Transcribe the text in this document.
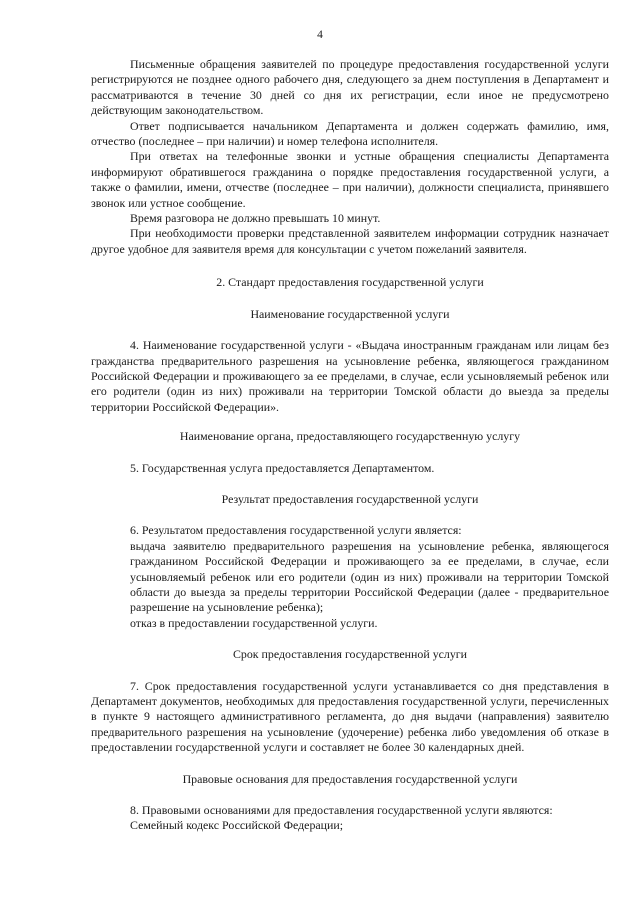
4

Письменные обращения заявителей по процедуре предоставления государственной услуги регистрируются не позднее одного рабочего дня, следующего за днем поступления в Департамент и рассматриваются в течение 30 дней со дня их регистрации, если иное не предусмотрено действующим законодательством.

Ответ подписывается начальником Департамента и должен содержать фамилию, имя, отчество (последнее – при наличии) и номер телефона исполнителя.

При ответах на телефонные звонки и устные обращения специалисты Департамента информируют обратившегося гражданина о порядке предоставления государственной услуги, а также о фамилии, имени, отчестве (последнее – при наличии), должности специалиста, принявшего звонок или устное сообщение.

Время разговора не должно превышать 10 минут.

При необходимости проверки представленной заявителем информации сотрудник назначает другое удобное для заявителя время для консультации с учетом пожеланий заявителя.

2. Стандарт предоставления государственной услуги

Наименование государственной услуги

4. Наименование государственной услуги - «Выдача иностранным гражданам или лицам без гражданства предварительного разрешения на усыновление ребенка, являющегося гражданином Российской Федерации и проживающего за ее пределами, в случае, если усыновляемый ребенок или его родители (один из них) проживали на территории Томской области до выезда за пределы территории Российской Федерации».

Наименование органа, предоставляющего государственную услугу

5. Государственная услуга предоставляется Департаментом.

Результат предоставления государственной услуги

6. Результатом предоставления государственной услуги является:

выдача заявителю предварительного разрешения на усыновление ребенка, являющегося гражданином Российской Федерации и проживающего за ее пределами, в случае, если усыновляемый ребенок или его родители (один из них) проживали на территории Томской области до выезда за пределы территории Российской Федерации (далее - предварительное разрешение на усыновление ребенка);

отказ в предоставлении государственной услуги.

Срок предоставления государственной услуги

7. Срок предоставления государственной услуги устанавливается со дня представления в Департамент документов, необходимых для предоставления государственной услуги, перечисленных в пункте 9 настоящего административного регламента, до дня выдачи (направления) заявителю предварительного разрешения на усыновление (удочерение) ребенка либо уведомления об отказе в предоставлении государственной услуги и составляет не более 30 календарных дней.

Правовые основания для предоставления государственной услуги

8. Правовыми основаниями для предоставления государственной услуги являются:

Семейный кодекс Российской Федерации;
